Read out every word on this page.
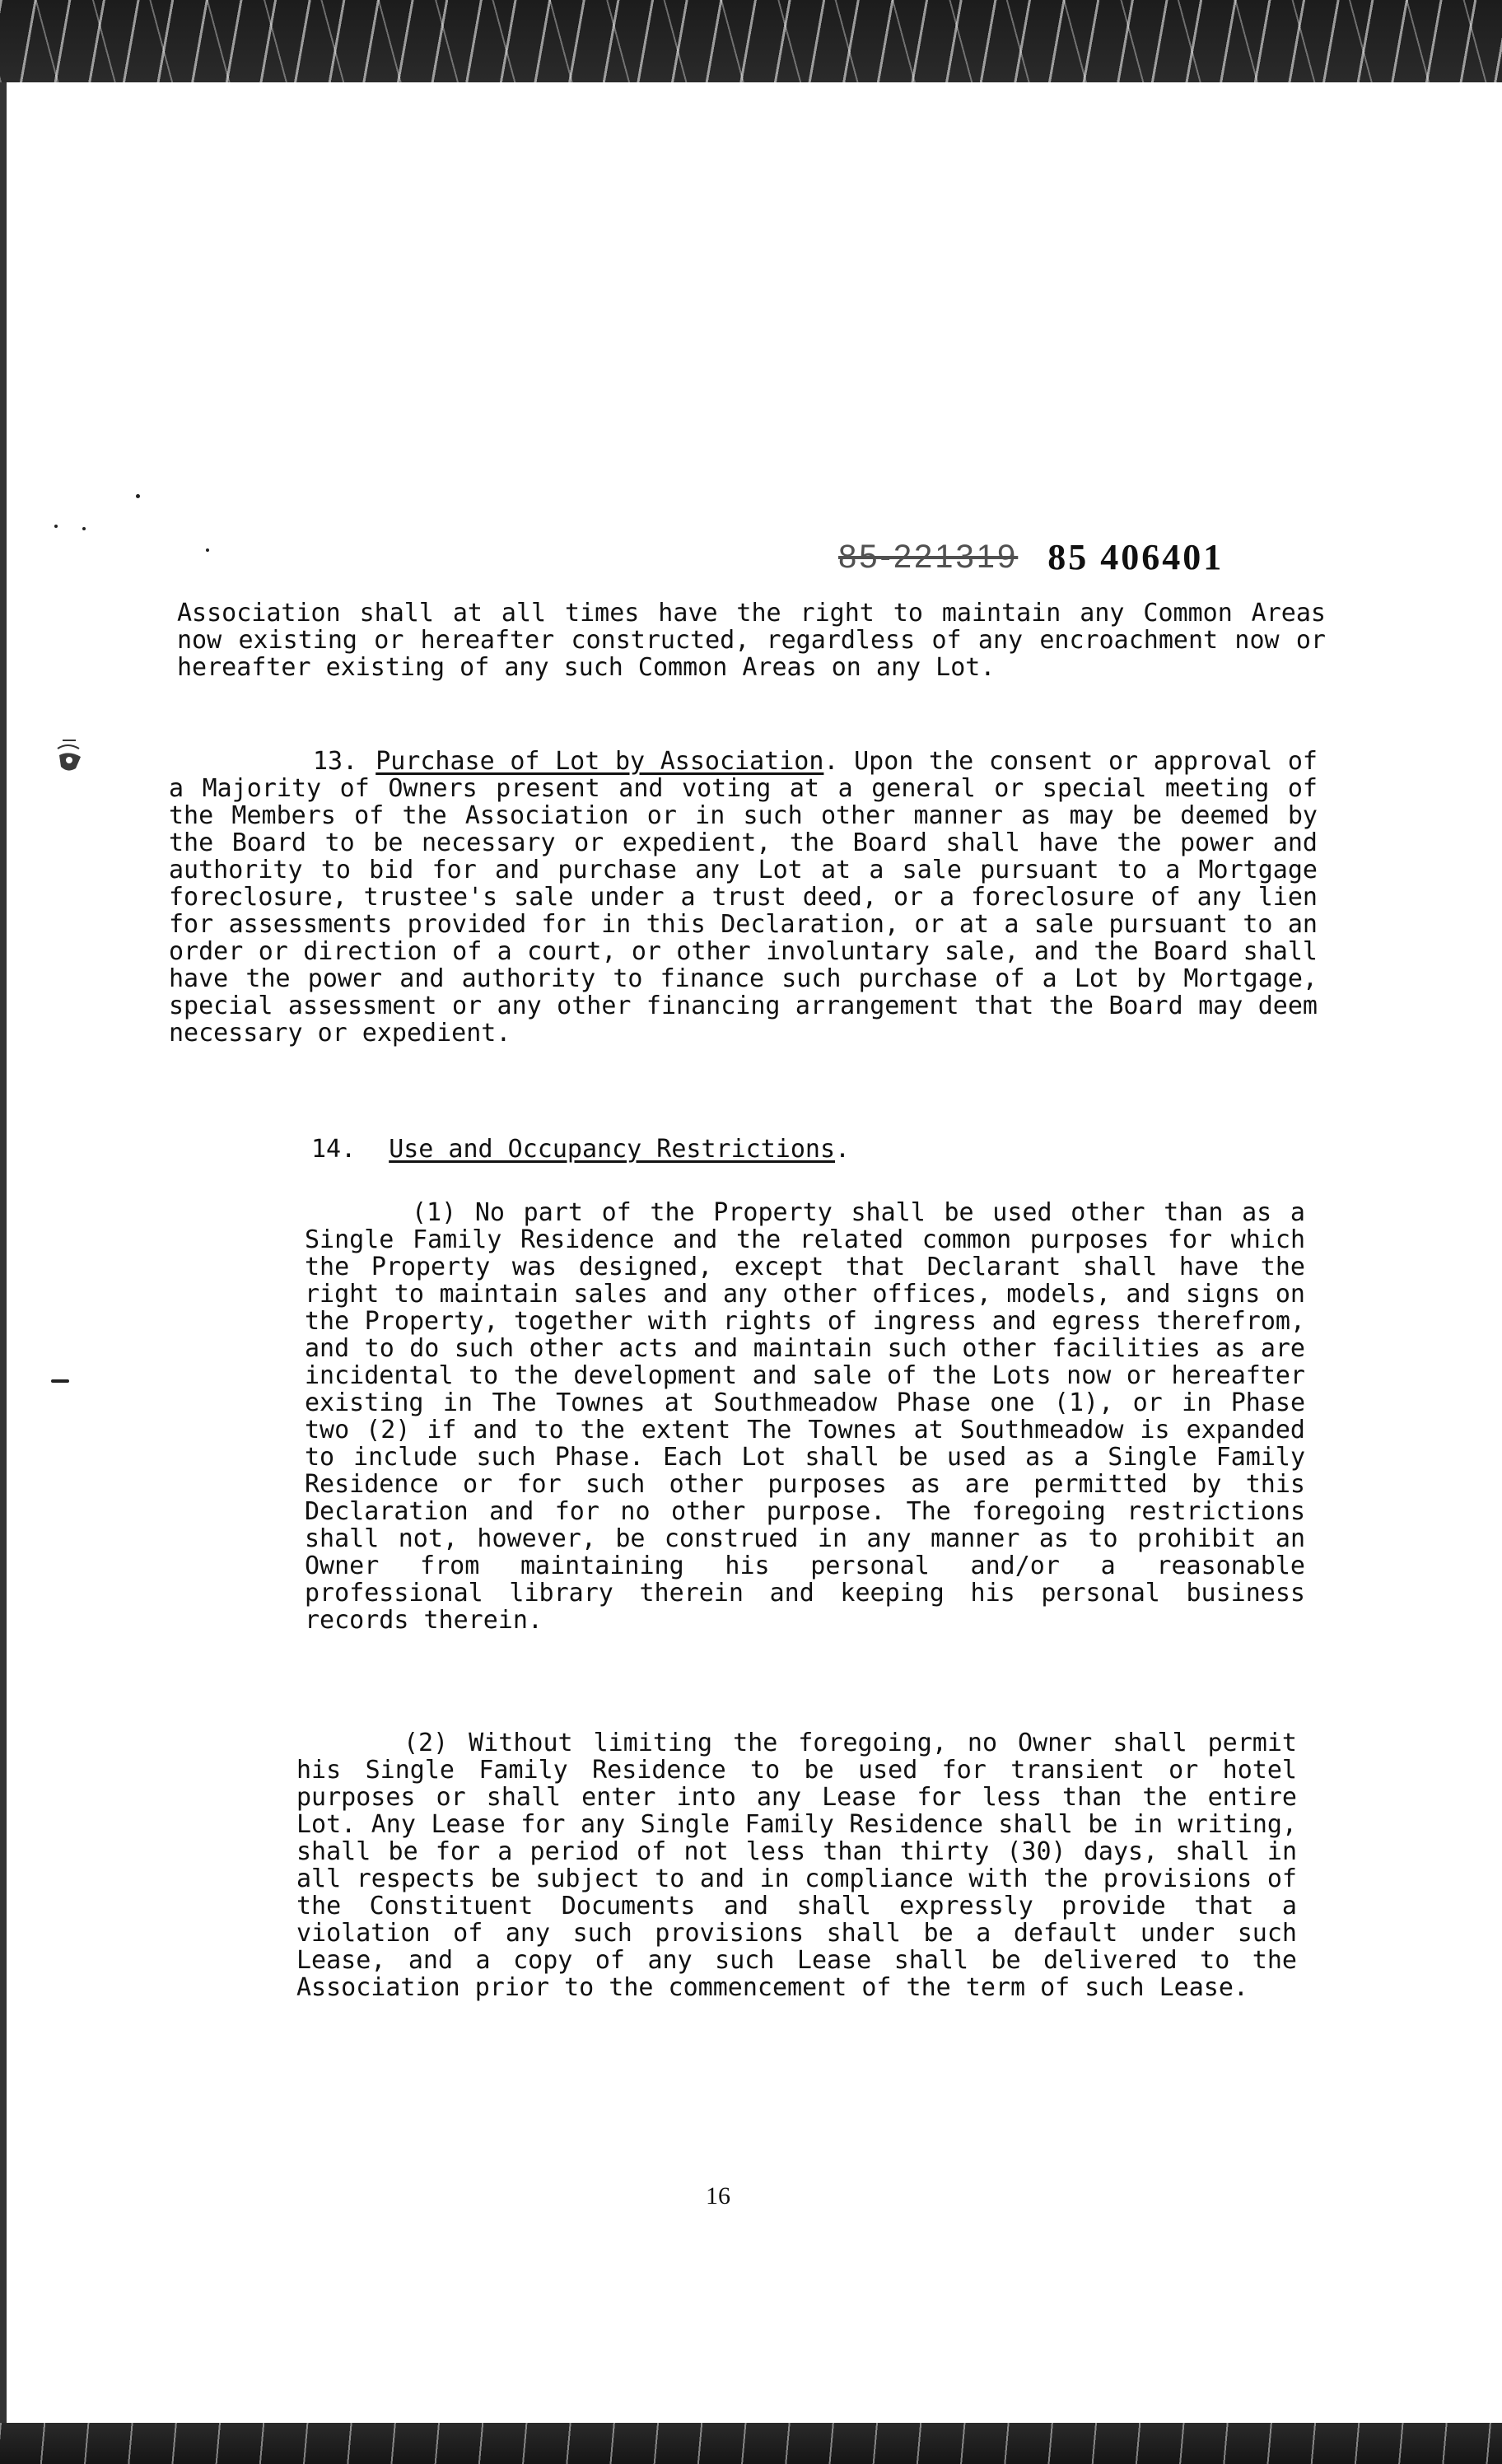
85-221319 85 406401

Association shall at all times have the right to maintain any Common Areas now existing or hereafter constructed, regardless of any encroachment now or hereafter existing of any such Common Areas on any Lot.

13. Purchase of Lot by Association. Upon the consent or approval of a Majority of Owners present and voting at a general or special meeting of the Members of the Association or in such other manner as may be deemed by the Board to be necessary or expedient, the Board shall have the power and authority to bid for and purchase any Lot at a sale pursuant to a Mortgage foreclosure, trustee's sale under a trust deed, or a foreclosure of any lien for assessments provided for in this Declaration, or at a sale pursuant to an order or direction of a court, or other involuntary sale, and the Board shall have the power and authority to finance such purchase of a Lot by Mortgage, special assessment or any other financing arrangement that the Board may deem necessary or expedient.

14. Use and Occupancy Restrictions.

(1) No part of the Property shall be used other than as a Single Family Residence and the related common purposes for which the Property was designed, except that Declarant shall have the right to maintain sales and any other offices, models, and signs on the Property, together with rights of ingress and egress therefrom, and to do such other acts and maintain such other facilities as are incidental to the development and sale of the Lots now or hereafter existing in The Townes at Southmeadow Phase one (1), or in Phase two (2) if and to the extent The Townes at Southmeadow is expanded to include such Phase. Each Lot shall be used as a Single Family Residence or for such other purposes as are permitted by this Declaration and for no other purpose. The foregoing restrictions shall not, however, be construed in any manner as to prohibit an Owner from maintaining his personal and/or a reasonable professional library therein and keeping his personal business records therein.

(2) Without limiting the foregoing, no Owner shall permit his Single Family Residence to be used for transient or hotel purposes or shall enter into any Lease for less than the entire Lot. Any Lease for any Single Family Residence shall be in writing, shall be for a period of not less than thirty (30) days, shall in all respects be subject to and in compliance with the provisions of the Constituent Documents and shall expressly provide that a violation of any such provisions shall be a default under such Lease, and a copy of any such Lease shall be delivered to the Association prior to the commencement of the term of such Lease.

16
